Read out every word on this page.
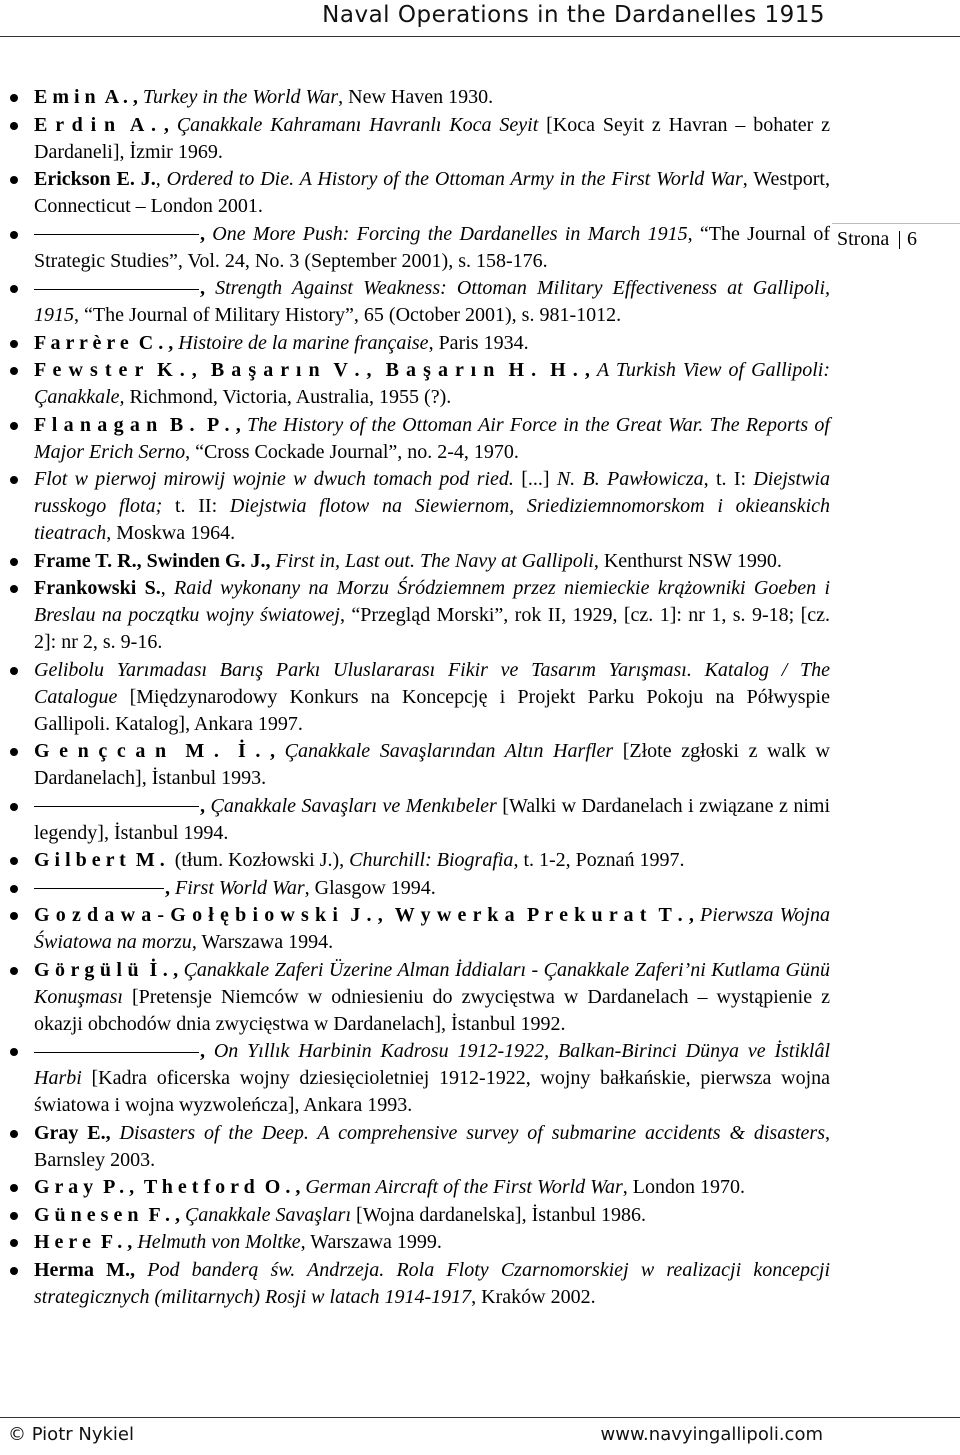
Naval Operations in the Dardanelles 1915
Strona 6
E m i n  A . , Turkey in the World War, New Haven 1930.
E r d i n  A . , Çanakkale Kahramanı Havranlı Koca Seyit [Koca Seyit z Havran – bohater z Dardaneli], İzmir 1969.
Erickson E. J., Ordered to Die. A History of the Ottoman Army in the First World War, Westport, Connecticut – London 2001.
, One More Push: Forcing the Dardanelles in March 1915, “The Journal of Strategic Studies”, Vol. 24, No. 3 (September 2001), s. 158-176.
, Strength Against Weakness: Ottoman Military Effectiveness at Gallipoli, 1915, “The Journal of Military History”, 65 (October 2001), s. 981-1012.
F a r r è r e  C . , Histoire de la marine française, Paris 1934.
F e w s t e r  K . ,  B a ş a r ı n  V . ,  B a ş a r ı n  H .  H . , A Turkish View of Gallipoli: Çanakkale, Richmond, Victoria, Australia, 1955 (?).
F l a n a g a n  B .  P . , The History of the Ottoman Air Force in the Great War. The Reports of Major Erich Serno, “Cross Cockade Journal”, no. 2-4, 1970.
Flot w pierwoj mirowij wojnie w dwuch tomach pod ried. [...] N. B. Pawłowicza, t. I: Diejstwia russkogo flota; t. II: Diejstwia flotow na Siewiernom, Sriediziemnomorskom i okieanskich tieatrach, Moskwa 1964.
Frame T. R., Swinden G. J., First in, Last out. The Navy at Gallipoli, Kenthurst NSW 1990.
Frankowski S., Raid wykonany na Morzu Śródziemnem przez niemieckie krążowniki Goeben i Breslau na początku wojny światowej, “Przegląd Morski”, rok II, 1929, [cz. 1]: nr 1, s. 9-18; [cz. 2]: nr 2, s. 9-16.
Gelibolu Yarımadası Barış Parkı Uluslararası Fikir ve Tasarım Yarışması. Katalog / The Catalogue [Międzynarodowy Konkurs na Koncepcję i Projekt Parku Pokoju na Półwyspie Gallipoli. Katalog], Ankara 1997.
G e n ç c a n  M .  İ . , Çanakkale Savaşlarından Altın Harfler [Złote zgłoski z walk w Dardanelach], İstanbul 1993.
, Çanakkale Savaşları ve Menkıbeler [Walki w Dardanelach i związane z nimi legendy], İstanbul 1994.
G i l b e r t  M .  (tłum. Kozłowski J.), Churchill: Biografia, t. 1-2, Poznań 1997.
, First World War, Glasgow 1994.
G o z d a w a - G o ł ę b i o w s k i  J . ,  W y w e r k a  P r e k u r a t  T . , Pierwsza Wojna Światowa na morzu, Warszawa 1994.
G ö r g ü l ü  İ . , Çanakkale Zaferi Üzerine Alman İddiaları - Çanakkale Zaferi’ni Kutlama Günü Konuşması [Pretensje Niemców w odniesieniu do zwycięstwa w Dardanelach – wystąpienie z okazji obchodów dnia zwycięstwa w Dardanelach], İstanbul 1992.
, On Yıllık Harbinin Kadrosu 1912-1922, Balkan-Birinci Dünya ve İstiklâl Harbi [Kadra oficerska wojny dziesięcioletniej 1912-1922, wojny bałkańskie, pierwsza wojna światowa i wojna wyzwoleńcza], Ankara 1993.
Gray E., Disasters of the Deep. A comprehensive survey of submarine accidents & disasters, Barnsley 2003.
G r a y  P . ,  T h e t f o r d  O . , German Aircraft of the First World War, London 1970.
G ü n e s e n  F . , Çanakkale Savaşları [Wojna dardanelska], İstanbul 1986.
H e r e  F . , Helmuth von Moltke, Warszawa 1999.
Herma M., Pod banderą św. Andrzeja. Rola Floty Czarnomorskiej w realizacji koncepcji strategicznych (militarnych) Rosji w latach 1914-1917, Kraków 2002.
© Piotr Nykiel	www.navyingallipoli.com
